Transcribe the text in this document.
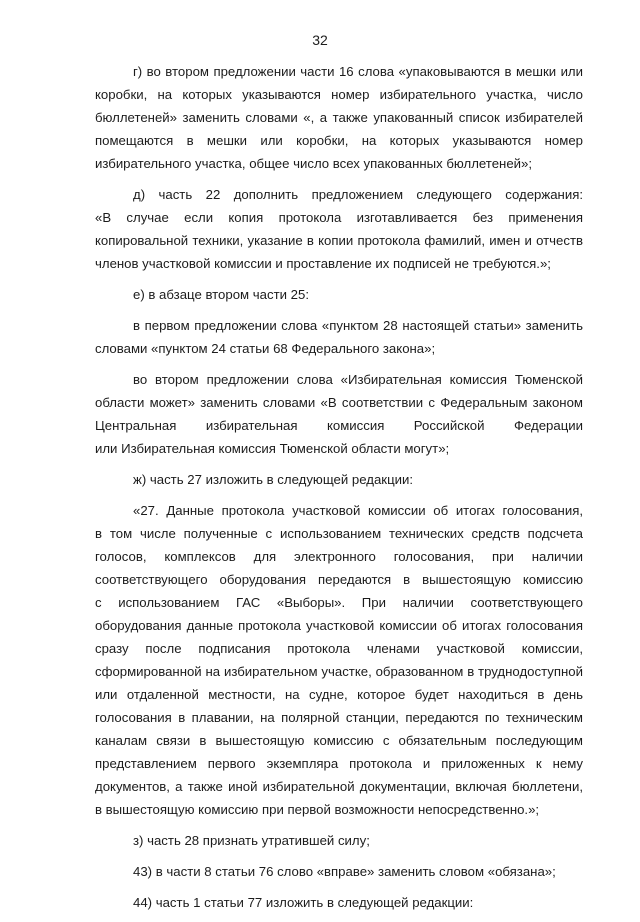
32
г) во втором предложении части 16 слова «упаковываются в мешки или
коробки, на которых указываются номер избирательного участка, число
бюллетеней» заменить словами «, а также упакованный список избирателей
помещаются в мешки или коробки, на которых указываются номер
избирательного участка, общее число всех упакованных бюллетеней»;
д) часть 22 дополнить предложением следующего содержания:
«В случае если копия протокола изготавливается без применения
копировальной техники, указание в копии протокола фамилий, имен и отчеств
членов участковой комиссии и проставление их подписей не требуются.»;
е) в абзаце втором части 25:
в первом предложении слова «пунктом 28 настоящей статьи» заменить
словами «пунктом 24 статьи 68 Федерального закона»;
во втором предложении слова «Избирательная комиссия Тюменской
области может» заменить словами «В соответствии с Федеральным законом
Центральная избирательная комиссия Российской Федерации
или Избирательная комиссия Тюменской области могут»;
ж) часть 27 изложить в следующей редакции:
«27. Данные протокола участковой комиссии об итогах голосования,
в том числе полученные с использованием технических средств подсчета
голосов, комплексов для электронного голосования, при наличии
соответствующего оборудования передаются в вышестоящую комиссию
с использованием ГАС «Выборы». При наличии соответствующего
оборудования данные протокола участковой комиссии об итогах голосования
сразу после подписания протокола членами участковой комиссии,
сформированной на избирательном участке, образованном в труднодоступной
или отдаленной местности, на судне, которое будет находиться в день
голосования в плавании, на полярной станции, передаются по техническим
каналам связи в вышестоящую комиссию с обязательным последующим
представлением первого экземпляра протокола и приложенных к нему
документов, а также иной избирательной документации, включая бюллетени,
в вышестоящую комиссию при первой возможности непосредственно.»;
з) часть 28 признать утратившей силу;
43) в части 8 статьи 76 слово «вправе» заменить словом «обязана»;
44) часть 1 статьи 77 изложить в следующей редакции:
